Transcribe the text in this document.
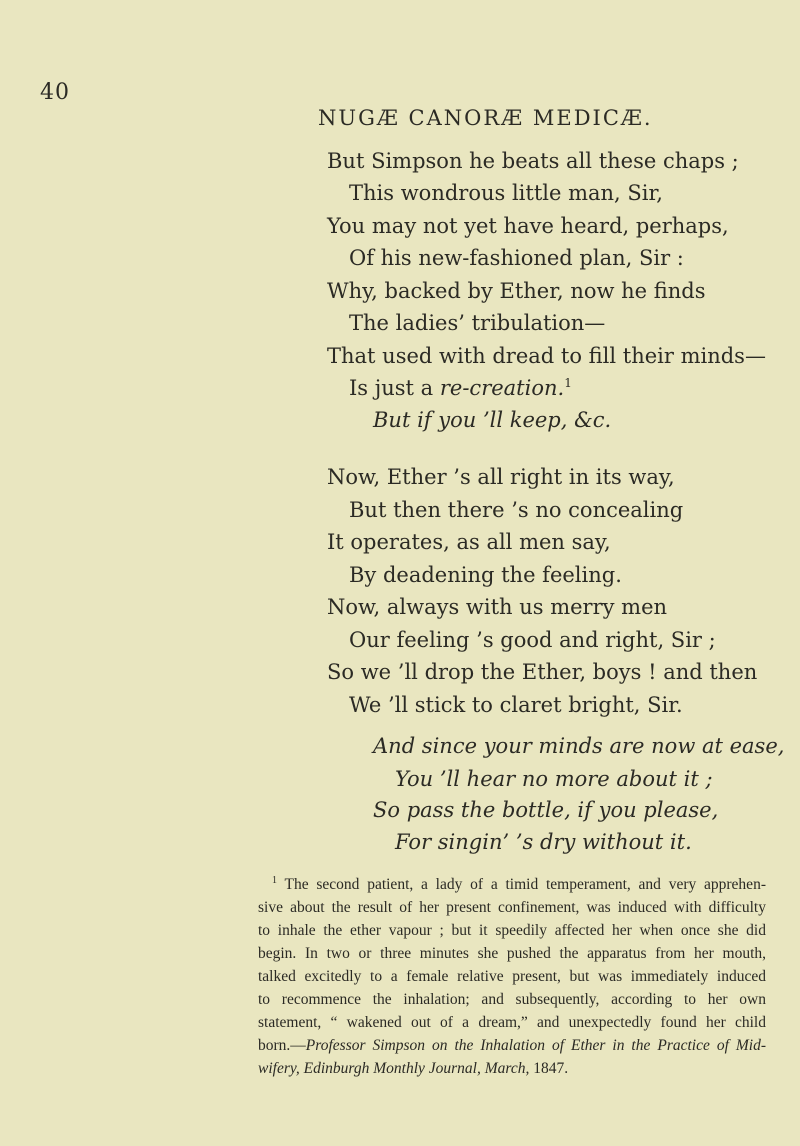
40
NUGÆ CANORÆ MEDICÆ.
But Simpson he beats all these chaps ;
This wondrous little man, Sir,
You may not yet have heard, perhaps,
Of his new-fashioned plan, Sir :
Why, backed by Ether, now he finds
The ladies’ tribulation—
That used with dread to fill their minds—
Is just a re-creation.$^1$
But if you ’ll keep, &c.
Now, Ether ’s all right in its way,
But then there ’s no concealing
It operates, as all men say,
By deadening the feeling.
Now, always with us merry men
Our feeling ’s good and right, Sir ;
So we ’ll drop the Ether, boys ! and then
We ’ll stick to claret bright, Sir.
And since your minds are now at ease,
You ’ll hear no more about it ;
So pass the bottle, if you please,
For singin’ ’s dry without it.
$^1$ The second patient, a lady of a timid temperament, and very apprehen-
sive about the result of her present confinement, was induced with difficulty
to inhale the ether vapour ; but it speedily affected her when once she did
begin. In two or three minutes she pushed the apparatus from her mouth,
talked excitedly to a female relative present, but was immediately induced
to recommence the inhalation; and subsequently, according to her own
statement, “ wakened out of a dream,” and unexpectedly found her child
born.—Professor Simpson on the Inhalation of Ether in the Practice of Mid-
wifery, Edinburgh Monthly Journal, March, 1847.
